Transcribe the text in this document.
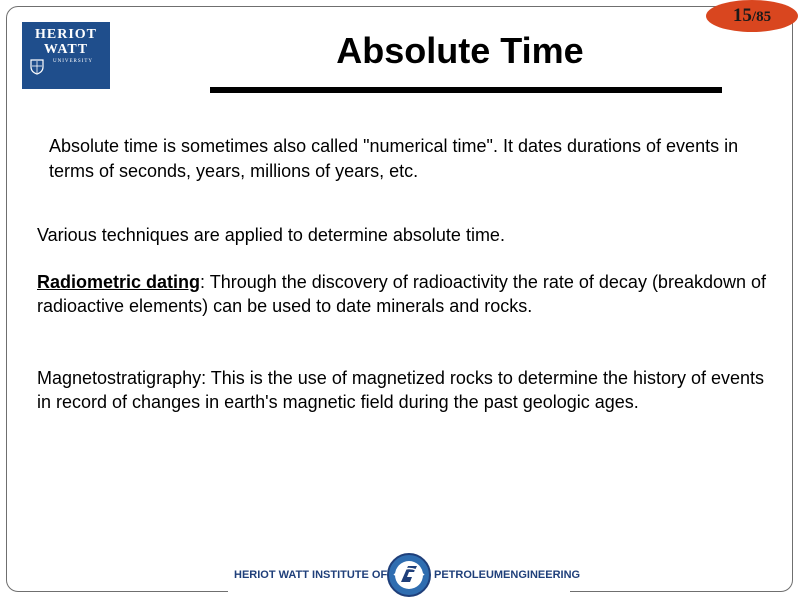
HERIOT
WATT
UNIVERSITY
15/85
Absolute Time

Absolute time is sometimes also called "numerical time". It dates durations of events in terms of seconds, years, millions of years, etc.

Various techniques are applied to determine absolute time.

Radiometric dating: Through the discovery of radioactivity the rate of decay (breakdown of radioactive elements) can be used to date minerals and rocks.

Magnetostratigraphy: This is the use of magnetized rocks to determine the history of events in record of changes in earth's magnetic field during the past geologic ages.

HERIOT WATT INSTITUTE OF	PETROLEUMENGINEERING
